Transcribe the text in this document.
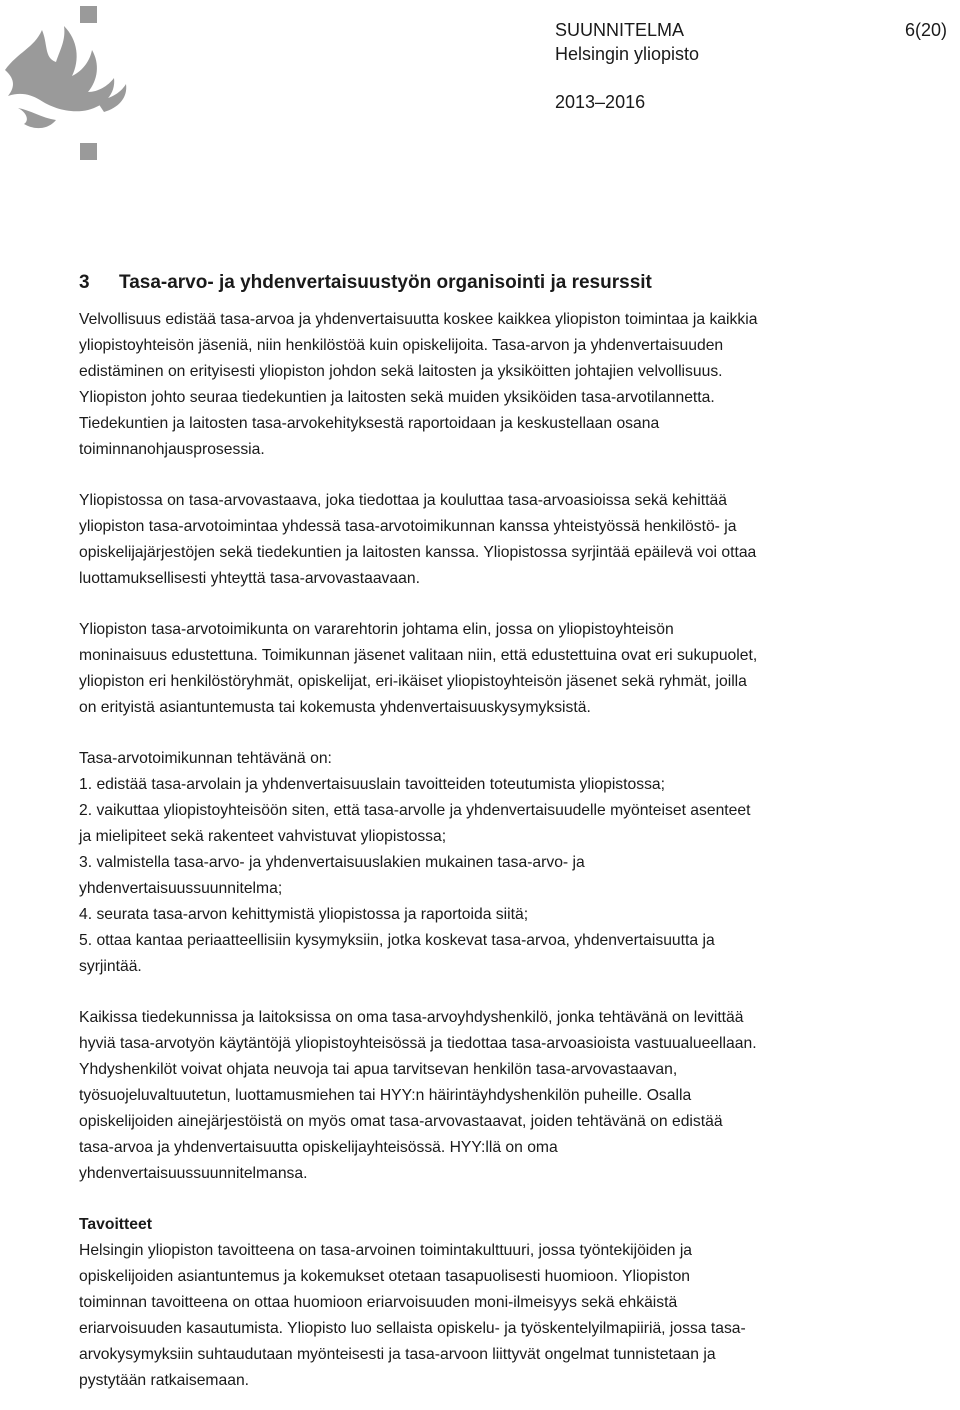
SUUNNITELMA
Helsingin yliopisto
2013–2016
6(20)
3	Tasa-arvo- ja yhdenvertaisuustyön organisointi ja resurssit

Velvollisuus edistää tasa-arvoa ja yhdenvertaisuutta koskee kaikkea yliopiston toimintaa ja kaikkia
yliopistoyhteisön jäseniä, niin henkilöstöä kuin opiskelijoita. Tasa-arvon ja yhdenvertaisuuden
edistäminen on erityisesti yliopiston johdon sekä laitosten ja yksiköitten johtajien velvollisuus.
Yliopiston johto seuraa tiedekuntien ja laitosten sekä muiden yksiköiden tasa-arvotilannetta.
Tiedekuntien ja laitosten tasa-arvokehityksestä raportoidaan ja keskustellaan osana
toiminnanohjausprosessia.

Yliopistossa on tasa-arvovastaava, joka tiedottaa ja kouluttaa tasa-arvoasioissa sekä kehittää
yliopiston tasa-arvotoimintaa yhdessä tasa-arvotoimikunnan kanssa yhteistyössä henkilöstö- ja
opiskelijajärjestöjen sekä tiedekuntien ja laitosten kanssa. Yliopistossa syrjintää epäilevä voi ottaa
luottamuksellisesti yhteyttä tasa-arvovastaavaan.

Yliopiston tasa-arvotoimikunta on vararehtorin johtama elin, jossa on yliopistoyhteisön
moninaisuus edustettuna. Toimikunnan jäsenet valitaan niin, että edustettuina ovat eri sukupuolet,
yliopiston eri henkilöstöryhmät, opiskelijat, eri-ikäiset yliopistoyhteisön jäsenet sekä ryhmät, joilla
on erityistä asiantuntemusta tai kokemusta yhdenvertaisuuskysymyksistä.

Tasa-arvotoimikunnan tehtävänä on:
1. edistää tasa-arvolain ja yhdenvertaisuuslain tavoitteiden toteutumista yliopistossa;
2. vaikuttaa yliopistoyhteisöön siten, että tasa-arvolle ja yhdenvertaisuudelle myönteiset asenteet
ja mielipiteet sekä rakenteet vahvistuvat yliopistossa;
3. valmistella tasa-arvo- ja yhdenvertaisuuslakien mukainen tasa-arvo- ja
yhdenvertaisuussuunnitelma;
4. seurata tasa-arvon kehittymistä yliopistossa ja raportoida siitä;
5. ottaa kantaa periaatteellisiin kysymyksiin, jotka koskevat tasa-arvoa, yhdenvertaisuutta ja
syrjintää.

Kaikissa tiedekunnissa ja laitoksissa on oma tasa-arvoyhdyshenkilö, jonka tehtävänä on levittää
hyviä tasa-arvotyön käytäntöjä yliopistoyhteisössä ja tiedottaa tasa-arvoasioista vastuualueellaan.
Yhdyshenkilöt voivat ohjata neuvoja tai apua tarvitsevan henkilön tasa-arvovastaavan,
työsuojeluvaltuutetun, luottamusmiehen tai HYY:n häirintäyhdyshenkilön puheille. Osalla
opiskelijoiden ainejärjestöistä on myös omat tasa-arvovastaavat, joiden tehtävänä on edistää
tasa-arvoa ja yhdenvertaisuutta opiskelijayhteisössä. HYY:llä on oma
yhdenvertaisuussuunnitelmansa.

Tavoitteet
Helsingin yliopiston tavoitteena on tasa-arvoinen toimintakulttuuri, jossa työntekijöiden ja
opiskelijoiden asiantuntemus ja kokemukset otetaan tasapuolisesti huomioon. Yliopiston
toiminnan tavoitteena on ottaa huomioon eriarvoisuuden moni-ilmeisyys sekä ehkäistä
eriarvoisuuden kasautumista. Yliopisto luo sellaista opiskelu- ja työskentelyilmapiiriä, jossa tasa-
arvokysymyksiin suhtaudutaan myönteisesti ja tasa-arvoon liittyvät ongelmat tunnistetaan ja
pystytään ratkaisemaan.
